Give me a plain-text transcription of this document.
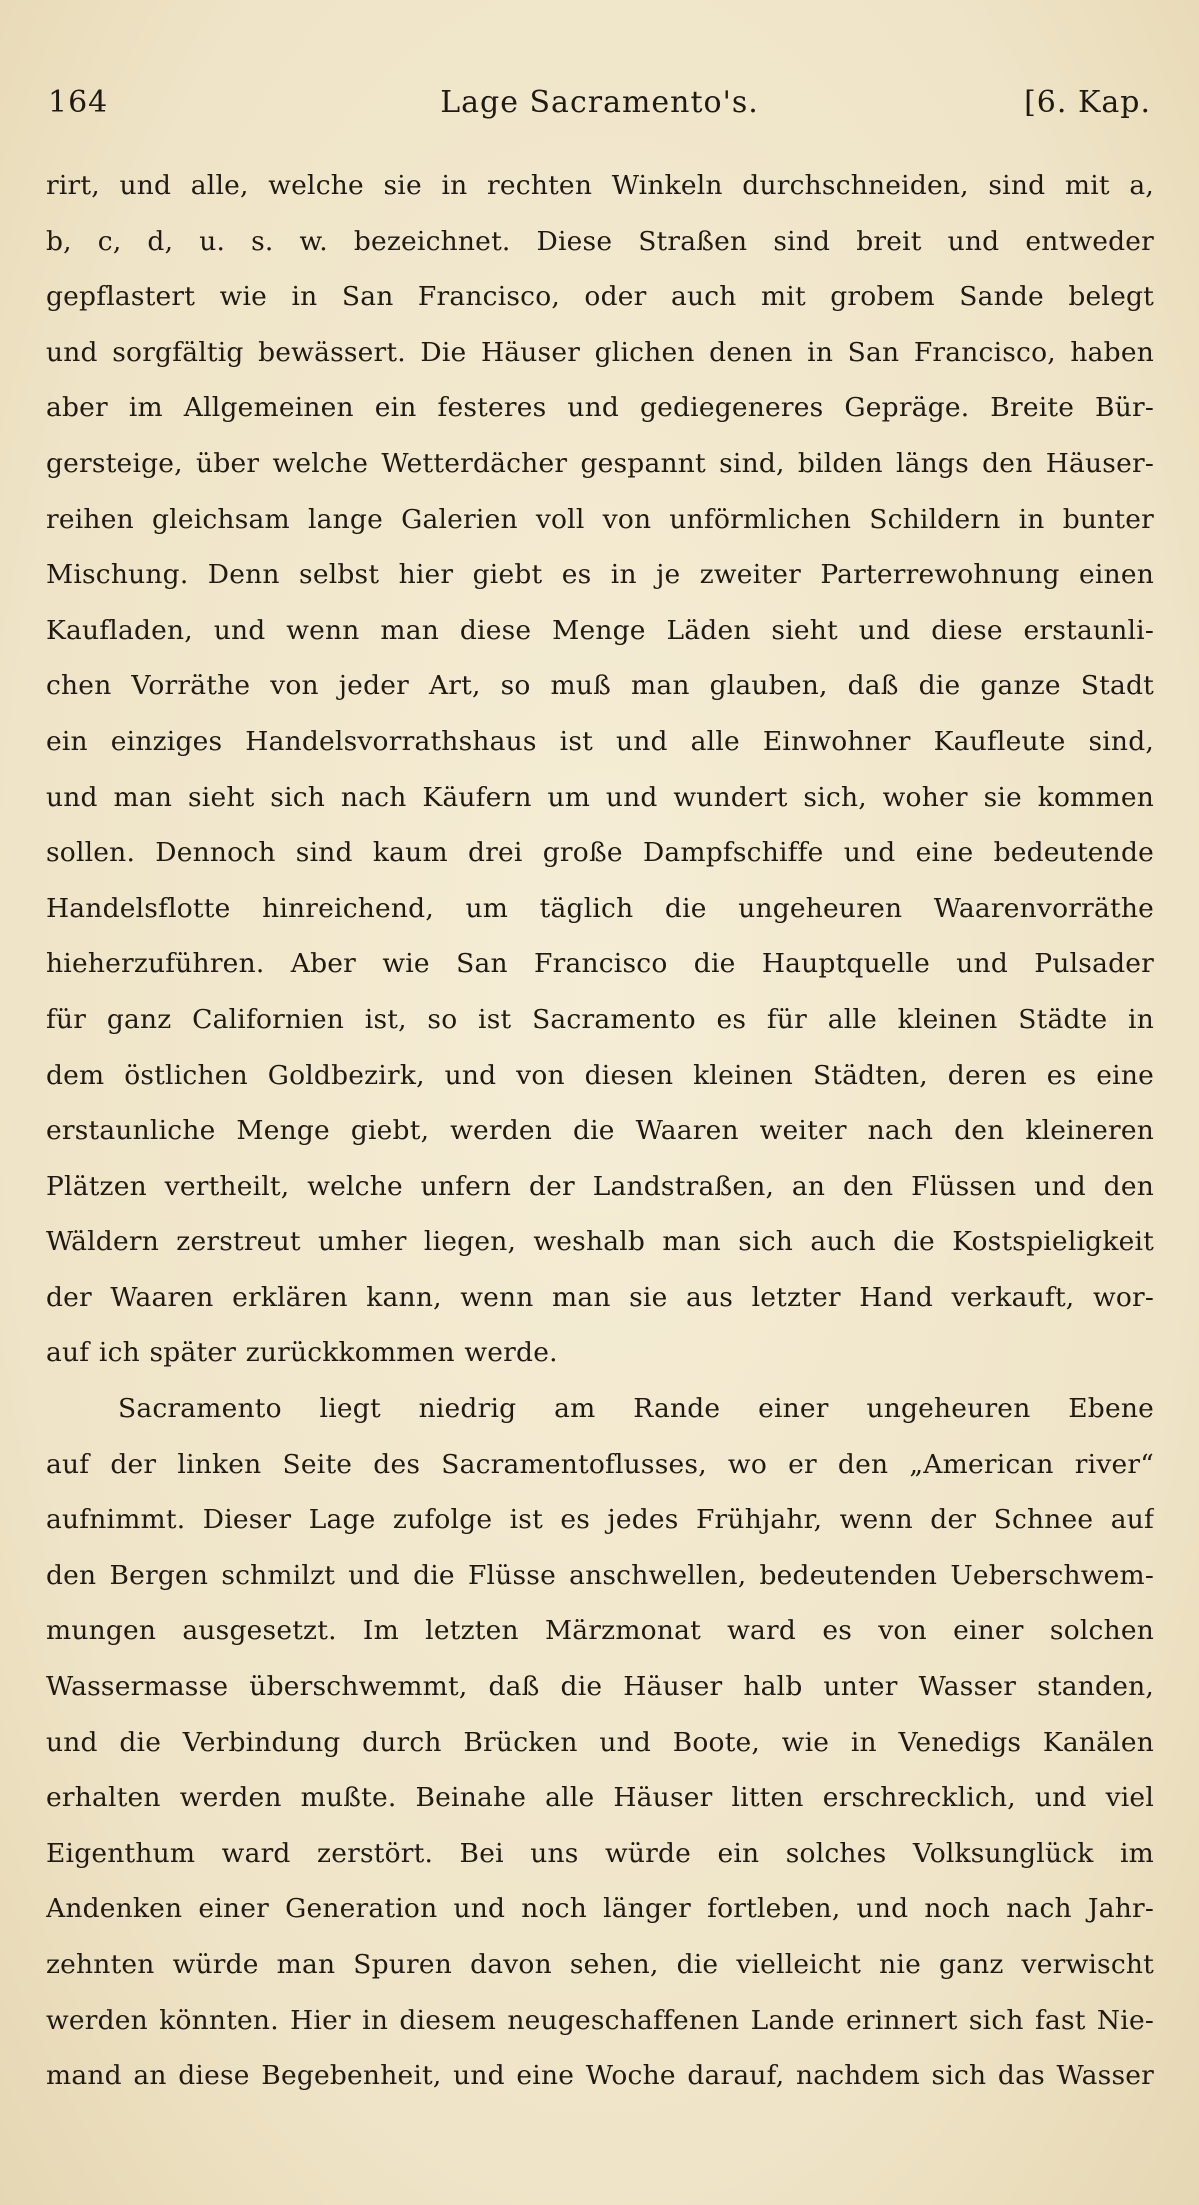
164	Lage Sacramento's.	[6. Kap.
rirt, und alle, welche sie in rechten Winkeln durchschneiden, sind mit a,
b, c, d, u. s. w. bezeichnet. Diese Straßen sind breit und entweder
gepflastert wie in San Francisco, oder auch mit grobem Sande belegt
und sorgfältig bewässert. Die Häuser glichen denen in San Francisco, haben
aber im Allgemeinen ein festeres und gediegeneres Gepräge. Breite Bür-
gersteige, über welche Wetterdächer gespannt sind, bilden längs den Häuser-
reihen gleichsam lange Galerien voll von unförmlichen Schildern in bunter
Mischung. Denn selbst hier giebt es in je zweiter Parterrewohnung einen
Kaufladen, und wenn man diese Menge Läden sieht und diese erstaunli-
chen Vorräthe von jeder Art, so muß man glauben, daß die ganze Stadt
ein einziges Handelsvorrathshaus ist und alle Einwohner Kaufleute sind,
und man sieht sich nach Käufern um und wundert sich, woher sie kommen
sollen. Dennoch sind kaum drei große Dampfschiffe und eine bedeutende
Handelsflotte hinreichend, um täglich die ungeheuren Waarenvorräthe
hieherzuführen. Aber wie San Francisco die Hauptquelle und Pulsader
für ganz Californien ist, so ist Sacramento es für alle kleinen Städte in
dem östlichen Goldbezirk, und von diesen kleinen Städten, deren es eine
erstaunliche Menge giebt, werden die Waaren weiter nach den kleineren
Plätzen vertheilt, welche unfern der Landstraßen, an den Flüssen und den
Wäldern zerstreut umher liegen, weshalb man sich auch die Kostspieligkeit
der Waaren erklären kann, wenn man sie aus letzter Hand verkauft, wor-
auf ich später zurückkommen werde.
Sacramento liegt niedrig am Rande einer ungeheuren Ebene
auf der linken Seite des Sacramentoflusses, wo er den „American river“
aufnimmt. Dieser Lage zufolge ist es jedes Frühjahr, wenn der Schnee auf
den Bergen schmilzt und die Flüsse anschwellen, bedeutenden Ueberschwem-
mungen ausgesetzt. Im letzten Märzmonat ward es von einer solchen
Wassermasse überschwemmt, daß die Häuser halb unter Wasser standen,
und die Verbindung durch Brücken und Boote, wie in Venedigs Kanälen
erhalten werden mußte. Beinahe alle Häuser litten erschrecklich, und viel
Eigenthum ward zerstört. Bei uns würde ein solches Volksunglück im
Andenken einer Generation und noch länger fortleben, und noch nach Jahr-
zehnten würde man Spuren davon sehen, die vielleicht nie ganz verwischt
werden könnten. Hier in diesem neugeschaffenen Lande erinnert sich fast Nie-
mand an diese Begebenheit, und eine Woche darauf, nachdem sich das Wasser
